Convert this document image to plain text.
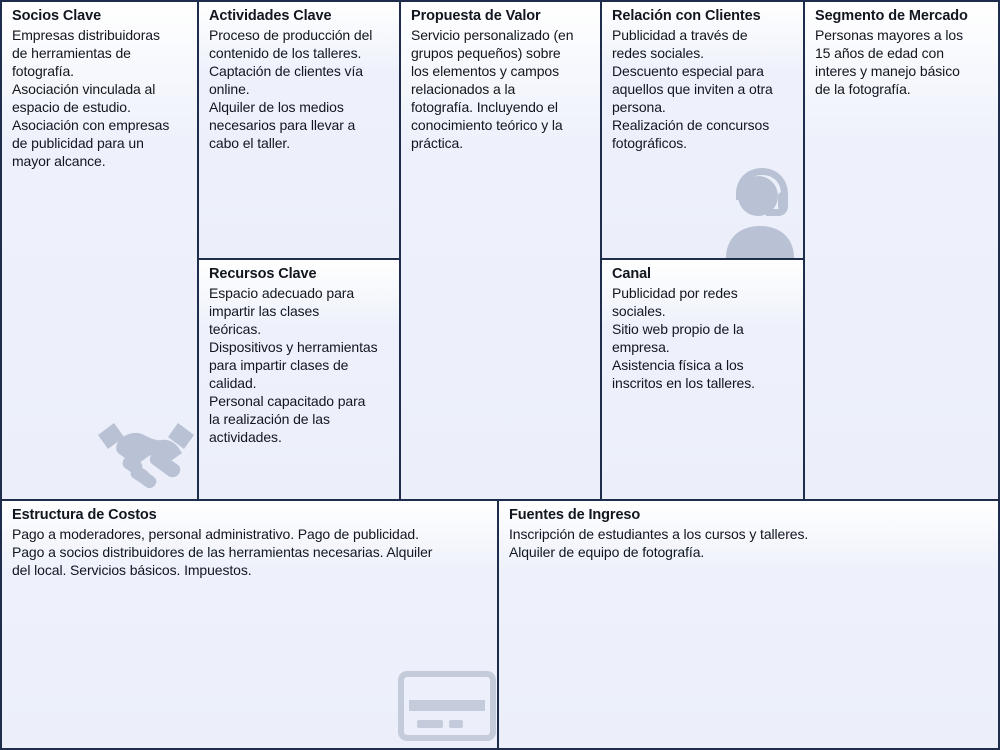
Socios Clave
Empresas distribuidoras
de herramientas de
fotografía.
Asociación vinculada al
espacio de estudio.
Asociación con empresas
de publicidad para un
mayor alcance.
Actividades Clave
Proceso de producción del
contenido de los talleres.
Captación de clientes vía
online.
Alquiler de los medios
necesarios para llevar a
cabo el taller.
Recursos Clave
Espacio adecuado para
impartir las clases
teóricas.
Dispositivos y herramientas
para impartir clases de
calidad.
Personal capacitado para
la realización de las
actividades.
Propuesta de Valor
Servicio personalizado (en
grupos pequeños) sobre
los elementos y campos
relacionados a la
fotografía. Incluyendo el
conocimiento teórico y la
práctica.
Relación con Clientes
Publicidad a través de
redes sociales.
Descuento especial para
aquellos que inviten a otra
persona.
Realización de concursos
fotográficos.
Canal
Publicidad por redes
sociales.
Sitio web propio de la
empresa.
Asistencia física a los
inscritos en los talleres.
Segmento de Mercado
Personas mayores a los
15 años de edad con
interes y manejo básico
de la fotografía.
Estructura de Costos
Pago a moderadores, personal administrativo. Pago de publicidad.
Pago a socios distribuidores de las herramientas necesarias. Alquiler
del local. Servicios básicos. Impuestos.
Fuentes de Ingreso
Inscripción de estudiantes a los cursos y talleres.
Alquiler de equipo de fotografía.
